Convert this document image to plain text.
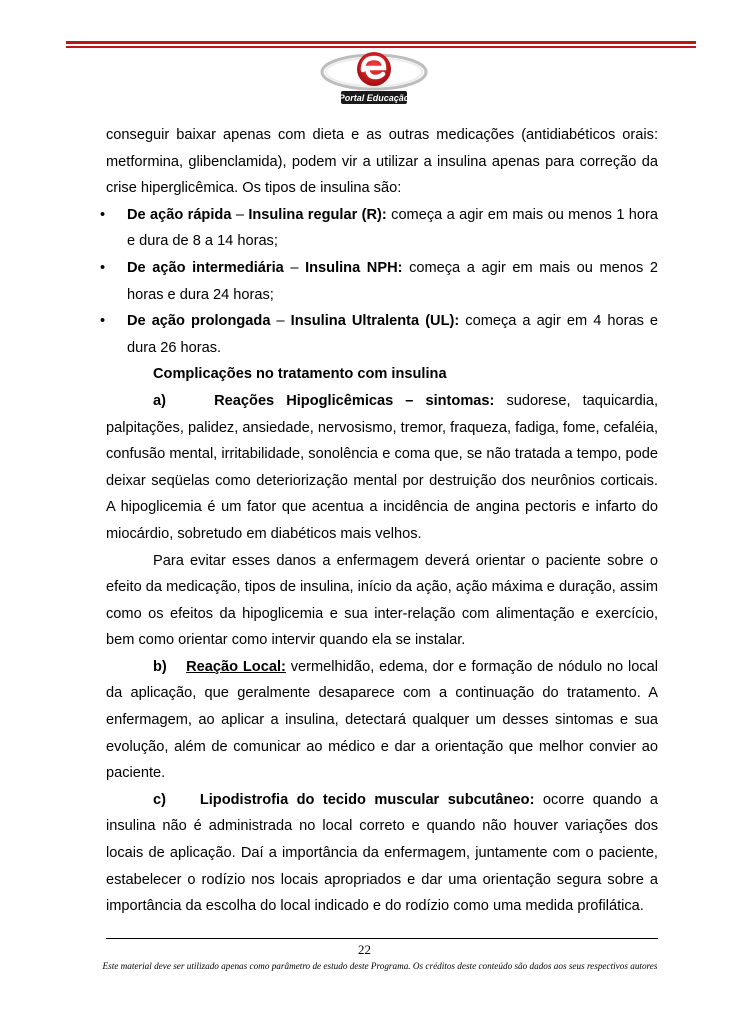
Portal Educação

conseguir baixar apenas com dieta e as outras medicações (antidiabéticos orais: metformina, glibenclamida), podem vir a utilizar a insulina apenas para correção da crise hiperglicêmica. Os tipos de insulina são:

• De ação rápida – Insulina regular (R): começa a agir em mais ou menos 1 hora e dura de 8 a 14 horas;

• De ação intermediária – Insulina NPH: começa a agir em mais ou menos 2 horas e dura 24 horas;

• De ação prolongada – Insulina Ultralenta (UL): começa a agir em 4 horas e dura 26 horas.

Complicações no tratamento com insulina

a)	Reações Hipoglicêmicas – sintomas: sudorese, taquicardia, palpitações, palidez, ansiedade, nervosismo, tremor, fraqueza, fadiga, fome, cefaléia, confusão mental, irritabilidade, sonolência e coma que, se não tratada a tempo, pode deixar seqüelas como deteriorização mental por destruição dos neurônios corticais. A hipoglicemia é um fator que acentua a incidência de angina pectoris e infarto do miocárdio, sobretudo em diabéticos mais velhos.

Para evitar esses danos a enfermagem deverá orientar o paciente sobre o efeito da medicação, tipos de insulina, início da ação, ação máxima e duração, assim como os efeitos da hipoglicemia e sua inter-relação com alimentação e exercício, bem como orientar como intervir quando ela se instalar.

b) Reação Local: vermelhidão, edema, dor e formação de nódulo no local da aplicação, que geralmente desaparece com a continuação do tratamento. A enfermagem, ao aplicar a insulina, detectará qualquer um desses sintomas e sua evolução, além de comunicar ao médico e dar a orientação que melhor convier ao paciente.

c) Lipodistrofia do tecido muscular subcutâneo: ocorre quando a insulina não é administrada no local correto e quando não houver variações dos locais de aplicação. Daí a importância da enfermagem, juntamente com o paciente, estabelecer o rodízio nos locais apropriados e dar uma orientação segura sobre a importância da escolha do local indicado e do rodízio como uma medida profilática.

22
Este material deve ser utilizado apenas como parâmetro de estudo deste Programa. Os créditos deste conteúdo são dados aos seus respectivos autores
